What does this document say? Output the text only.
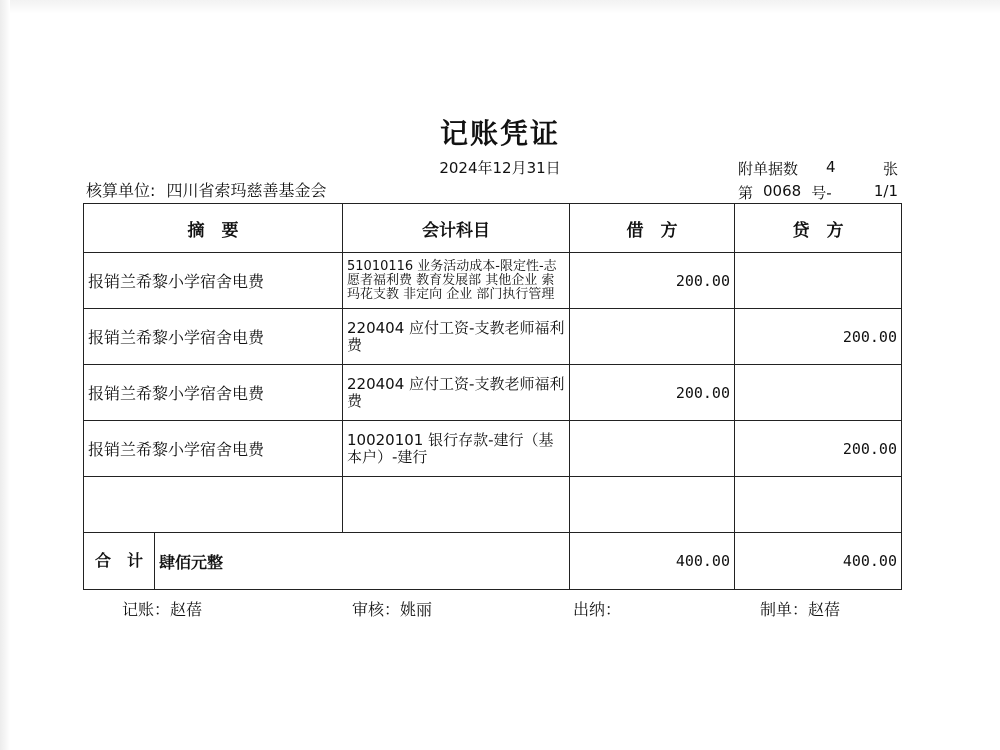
记账凭证
2024年12月31日
核算单位: 四川省索玛慈善基金会
附单据数	4	张
第 0068 号-	1/1
摘　要	会计科目	借　方	贷　方
报销兰希黎小学宿舍电费	51010116 业务活动成本-限定性-志愿者福利费 教育发展部 其他企业 索玛花支教 非定向 企业 部门执行管理	200.00	
报销兰希黎小学宿舍电费	220404 应付工资-支教老师福利费		200.00
报销兰希黎小学宿舍电费	220404 应付工资-支教老师福利费	200.00	
报销兰希黎小学宿舍电费	10020101 银行存款-建行（基本户）-建行		200.00

合　计 肆佰元整		400.00	400.00
记账：赵蓓	审核：姚丽	出纳：	制单：赵蓓
